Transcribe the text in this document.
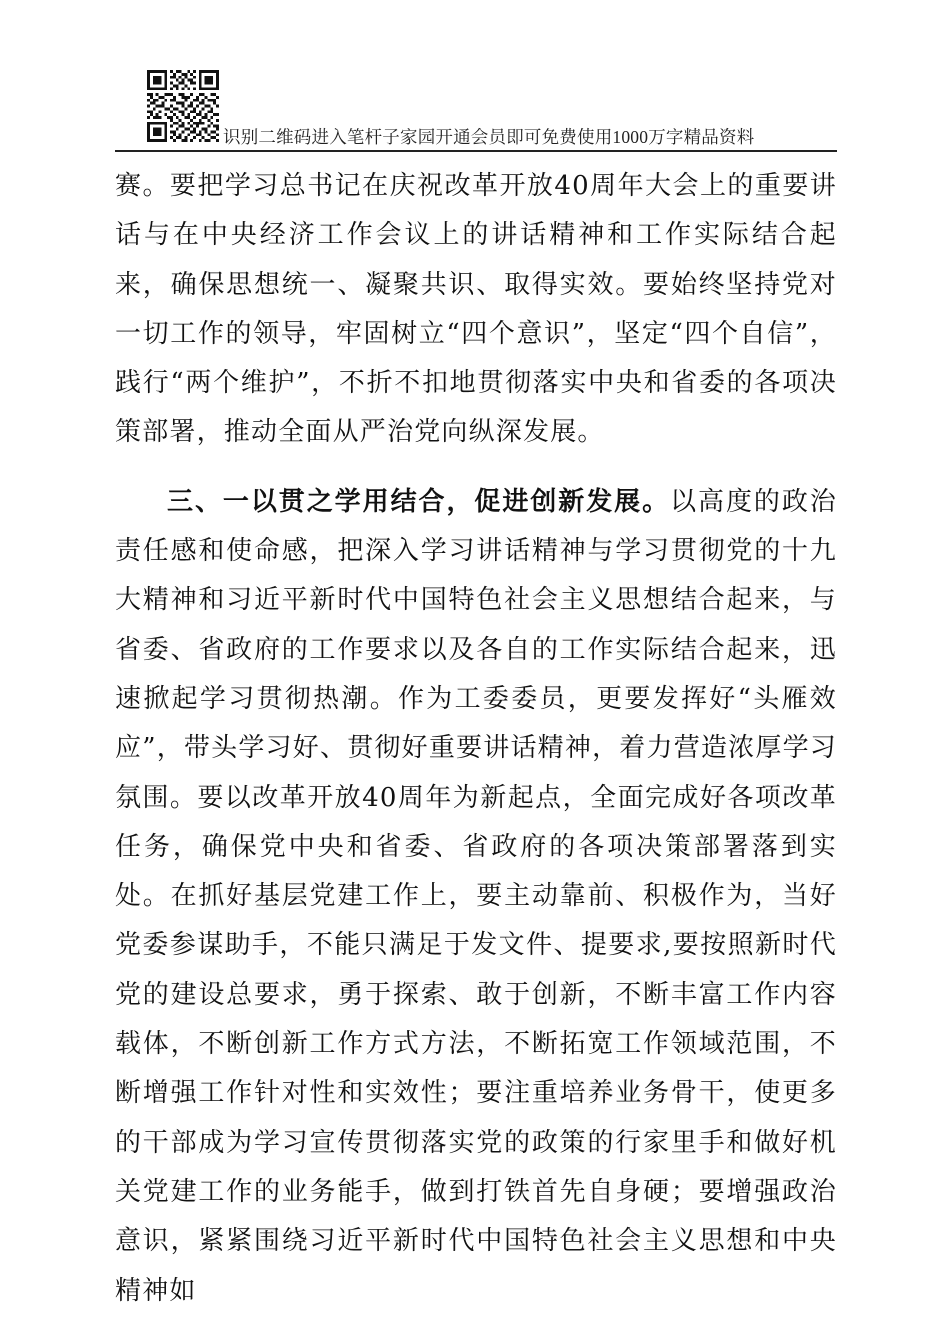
识别二维码进入笔杆子家园开通会员即可免费使用1000万字精品资料

赛。要把学习总书记在庆祝改革开放40周年大会上的重要讲话与在中央经济工作会议上的讲话精神和工作实际结合起来，确保思想统一、凝聚共识、取得实效。要始终坚持党对一切工作的领导，牢固树立“四个意识”，坚定“四个自信”，践行“两个维护”，不折不扣地贯彻落实中央和省委的各项决策部署，推动全面从严治党向纵深发展。

三、一以贯之学用结合，促进创新发展。以高度的政治责任感和使命感，把深入学习讲话精神与学习贯彻党的十九大精神和习近平新时代中国特色社会主义思想结合起来，与省委、省政府的工作要求以及各自的工作实际结合起来，迅速掀起学习贯彻热潮。作为工委委员，更要发挥好“头雁效应”，带头学习好、贯彻好重要讲话精神，着力营造浓厚学习氛围。要以改革开放40周年为新起点，全面完成好各项改革任务，确保党中央和省委、省政府的各项决策部署落到实处。在抓好基层党建工作上，要主动靠前、积极作为，当好党委参谋助手，不能只满足于发文件、提要求,要按照新时代党的建设总要求，勇于探索、敢于创新，不断丰富工作内容载体，不断创新工作方式方法，不断拓宽工作领域范围，不断增强工作针对性和实效性；要注重培养业务骨干，使更多的干部成为学习宣传贯彻落实党的政策的行家里手和做好机关党建工作的业务能手，做到打铁首先自身硬；要增强政治意识，紧紧围绕习近平新时代中国特色社会主义思想和中央精神如
